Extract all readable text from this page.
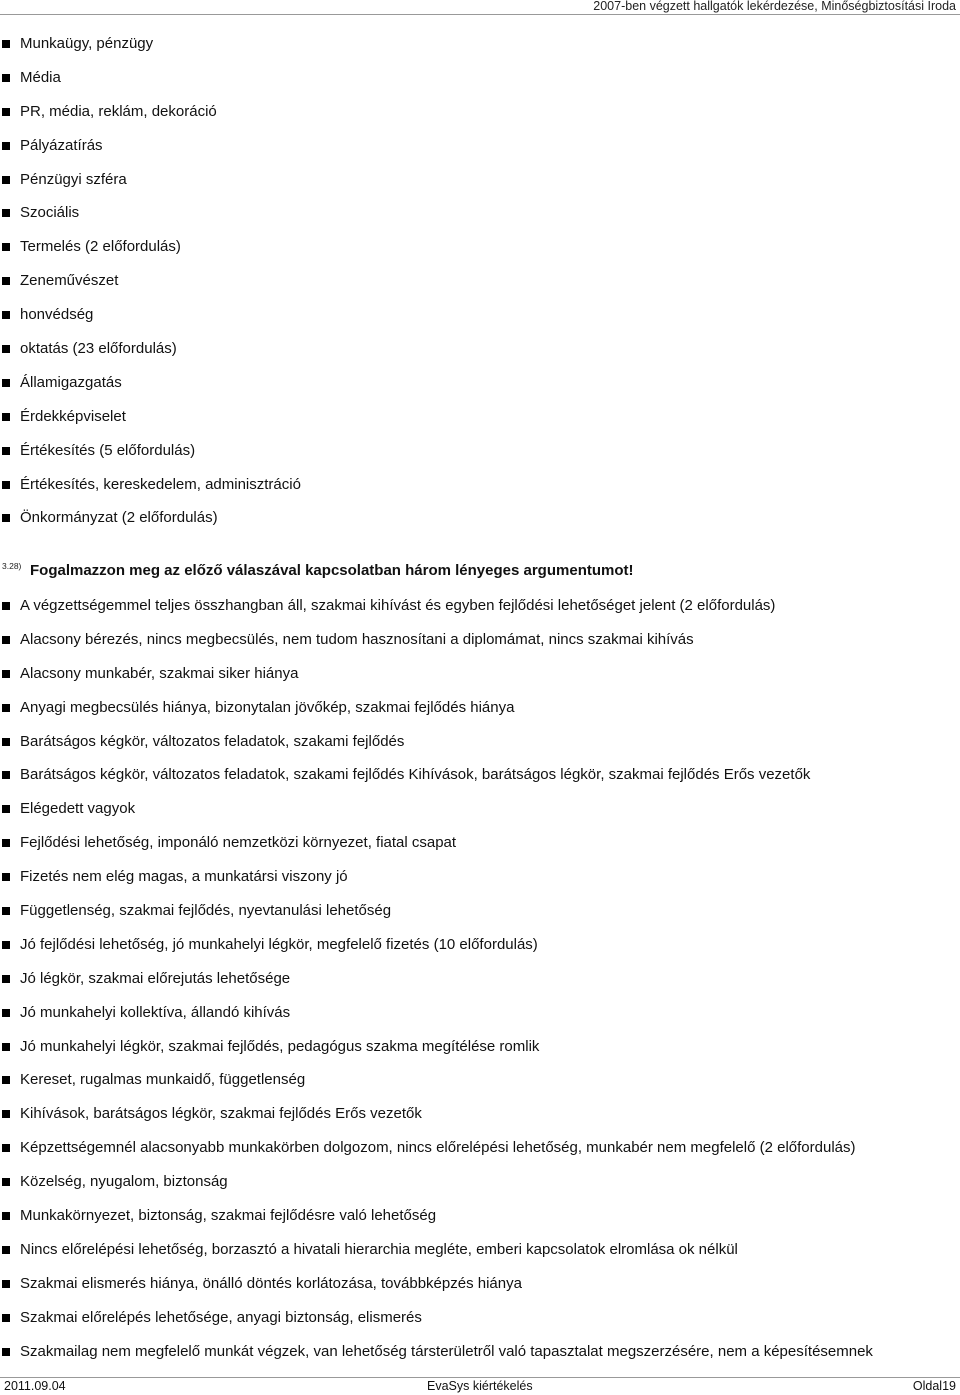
2007-ben végzett hallgatók lekérdezése, Minőségbiztosítási Iroda
Munkaügy, pénzügy
Média
PR, média, reklám, dekoráció
Pályázatírás
Pénzügyi szféra
Szociális
Termelés (2 előfordulás)
Zeneművészet
honvédség
oktatás (23 előfordulás)
Államigazgatás
Érdekképviselet
Értékesítés (5 előfordulás)
Értékesítés, kereskedelem, adminisztráció
Önkormányzat (2 előfordulás)
3.28) Fogalmazzon meg az előző válaszával kapcsolatban három lényeges argumentumot!
A végzettségemmel teljes összhangban áll, szakmai kihívást és egyben fejlődési lehetőséget jelent (2 előfordulás)
Alacsony bérezés, nincs megbecsülés, nem tudom hasznosítani a diplomámat, nincs szakmai kihívás
Alacsony munkabér, szakmai siker hiánya
Anyagi megbecsülés hiánya, bizonytalan jövőkép, szakmai fejlődés hiánya
Barátságos kégkör, változatos feladatok, szakami fejlődés
Barátságos kégkör, változatos feladatok, szakami fejlődés Kihívások, barátságos légkör, szakmai fejlődés Erős vezetők
Elégedett vagyok
Fejlődési lehetőség, imponáló nemzetközi környezet, fiatal csapat
Fizetés nem elég magas, a munkatársi viszony jó
Függetlenség, szakmai fejlődés, nyevtanulási lehetőség
Jó fejlődési lehetőség, jó munkahelyi légkör, megfelelő fizetés (10 előfordulás)
Jó légkör, szakmai előrejutás lehetősége
Jó munkahelyi kollektíva, állandó kihívás
Jó munkahelyi légkör, szakmai fejlődés, pedagógus szakma megítélése romlik
Kereset, rugalmas munkaidő, függetlenség
Kihívások, barátságos légkör, szakmai fejlődés Erős vezetők
Képzettségemnél alacsonyabb munkakörben dolgozom, nincs előrelépési lehetőség, munkabér nem megfelelő (2 előfordulás)
Közelség, nyugalom, biztonság
Munkakörnyezet, biztonság, szakmai fejlődésre való lehetőség
Nincs előrelépési lehetőség, borzasztó a hivatali hierarchia megléte, emberi kapcsolatok elromlása ok nélkül
Szakmai elismerés hiánya, önálló döntés korlátozása, továbbképzés hiánya
Szakmai előrelépés lehetősége, anyagi biztonság, elismerés
Szakmailag nem megfelelő munkát végzek, van lehetőség társterületről való tapasztalat megszerzésére, nem a képesítésemnek
2011.09.04	EvaSys kiértékelés	Oldal19
